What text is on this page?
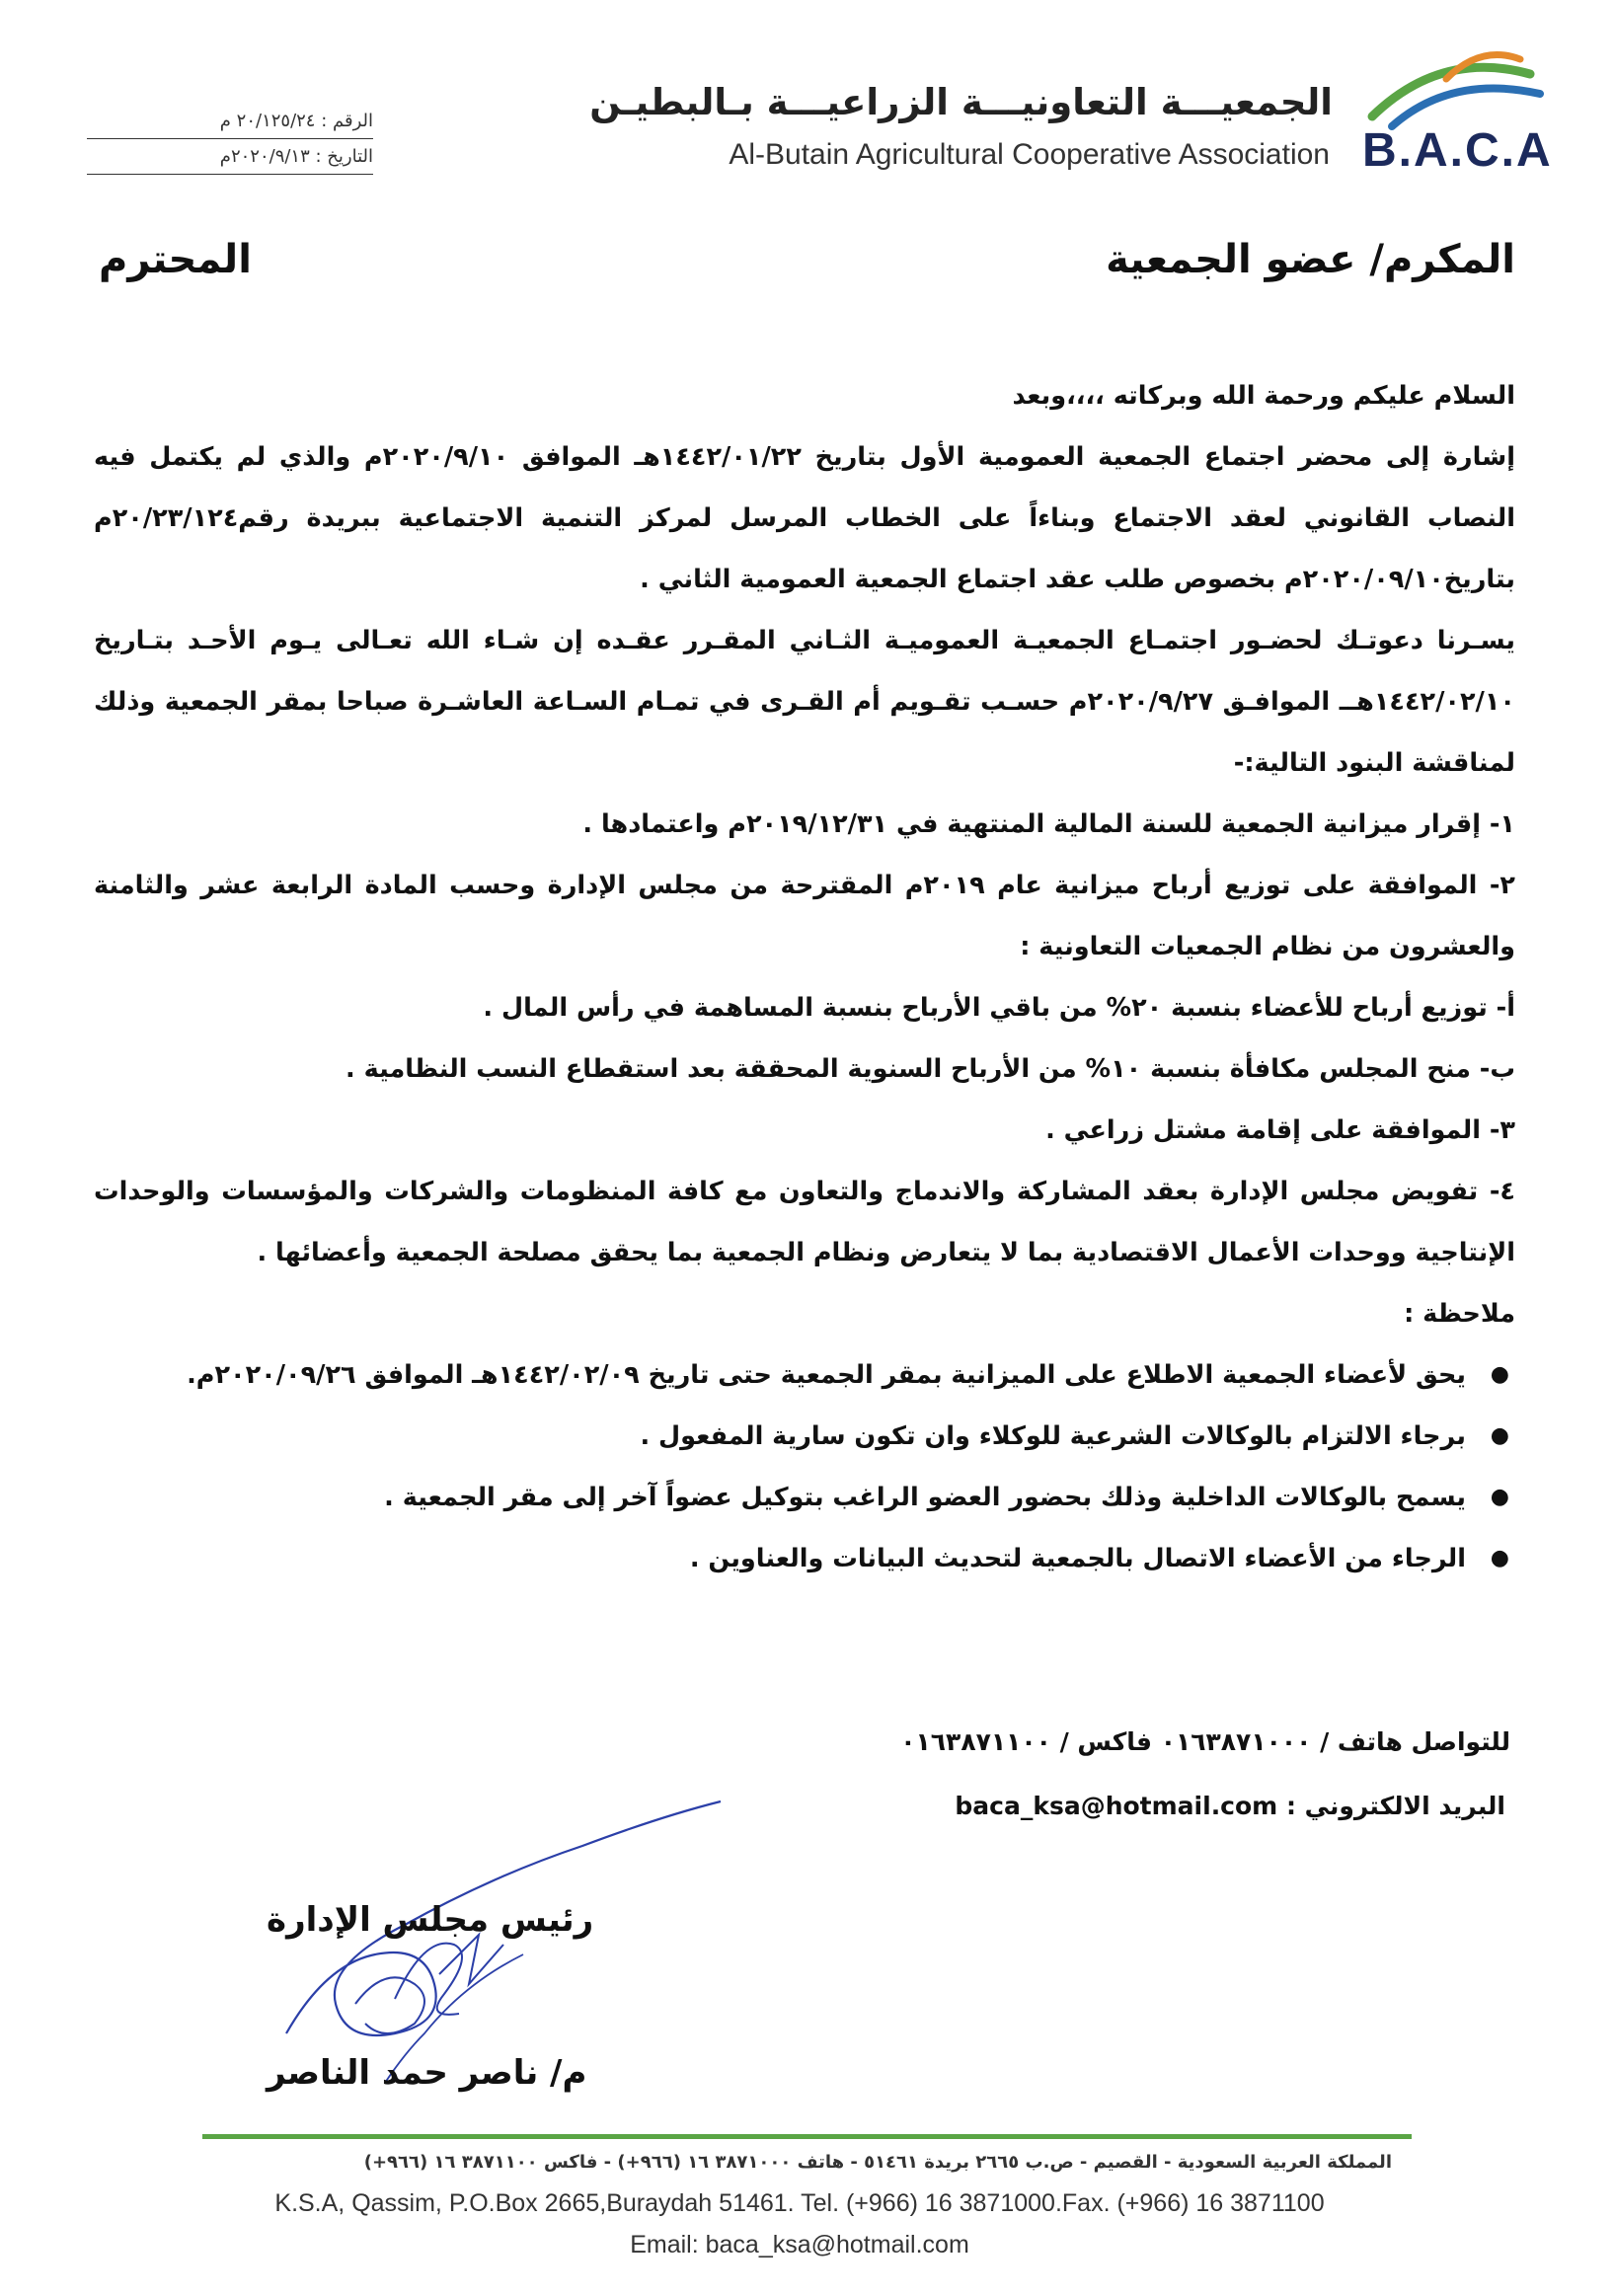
الجمعيـــة التعاونيـــة الزراعيـــة بـالبطيـن
Al-Butain Agricultural Cooperative Association B.A.C.A
الرقم : ٢٠/١٢٥/٢٤ م
التاريخ : ٢٠٢٠/٩/١٣م
المكرم/ عضو الجمعية
المحترم

السلام عليكم ورحمة الله وبركاته ،،،،وبعد

إشارة إلى محضر اجتماع الجمعية العمومية الأول بتاريخ ١٤٤٢/٠١/٢٢هـ الموافق ٢٠٢٠/٩/١٠م والذي لم يكتمل فيه النصاب القانوني لعقد الاجتماع وبناءاً على الخطاب المرسل لمركز التنمية الاجتماعية ببريدة رقم٢٠/٢٣/١٢٤م بتاريخ٢٠٢٠/٠٩/١٠م بخصوص طلب عقد اجتماع الجمعية العمومية الثاني .

يسـرنا دعوتـك لحضـور اجتمـاع الجمعيـة العموميـة الثـاني المقـرر عقـده إن شـاء الله تعـالى يـوم الأحـد بتـاريخ ١٤٤٢/٠٢/١٠هــ الموافـق ٢٠٢٠/٩/٢٧م حسـب تقـويم أم القـرى في تمـام السـاعة العاشـرة صباحا بمقر الجمعية وذلك لمناقشة البنود التالية:-

١- إقرار ميزانية الجمعية للسنة المالية المنتهية في ٢٠١٩/١٢/٣١م واعتمادها .

٢- الموافقة على توزيع أرباح ميزانية عام ٢٠١٩م المقترحة من مجلس الإدارة وحسب المادة الرابعة عشر والثامنة والعشرون من نظام الجمعيات التعاونية :

أ- توزيع أرباح للأعضاء بنسبة ٢٠% من باقي الأرباح بنسبة المساهمة في رأس المال .

ب- منح المجلس مكافأة بنسبة ١٠% من الأرباح السنوية المحققة بعد استقطاع النسب النظامية .

٣- الموافقة على إقامة مشتل زراعي .

٤- تفويض مجلس الإدارة بعقد المشاركة والاندماج والتعاون مع كافة المنظومات والشركات والمؤسسات والوحدات الإنتاجية ووحدات الأعمال الاقتصادية بما لا يتعارض ونظام الجمعية بما يحقق مصلحة الجمعية وأعضائها .

ملاحظة :

● يحق لأعضاء الجمعية الاطلاع على الميزانية بمقر الجمعية حتى تاريخ ١٤٤٢/٠٢/٠٩هـ الموافق ٢٠٢٠/٠٩/٢٦م.
● برجاء الالتزام بالوكالات الشرعية للوكلاء وان تكون سارية المفعول .
● يسمح بالوكالات الداخلية وذلك بحضور العضو الراغب بتوكيل عضواً آخر إلى مقر الجمعية .
● الرجاء من الأعضاء الاتصال بالجمعية لتحديث البيانات والعناوين .
للتواصل هاتف / ٠١٦٣٨٧١٠٠٠ فاكس / ٠١٦٣٨٧١١٠٠
البريد الالكتروني : baca_ksa@hotmail.com
رئيس مجلس الإدارة
م/ ناصر حمد الناصر
المملكة العربية السعودية - القصيم - ص.ب ٢٦٦٥ بريدة ٥١٤٦١ - هاتف ٣٨٧١٠٠٠ ١٦ (٩٦٦+) - فاكس ٣٨٧١١٠٠ ١٦ (٩٦٦+)
K.S.A, Qassim, P.O.Box 2665,Buraydah 51461. Tel. (+966) 16 3871000.Fax. (+966) 16 3871100
Email: baca_ksa@hotmail.com
